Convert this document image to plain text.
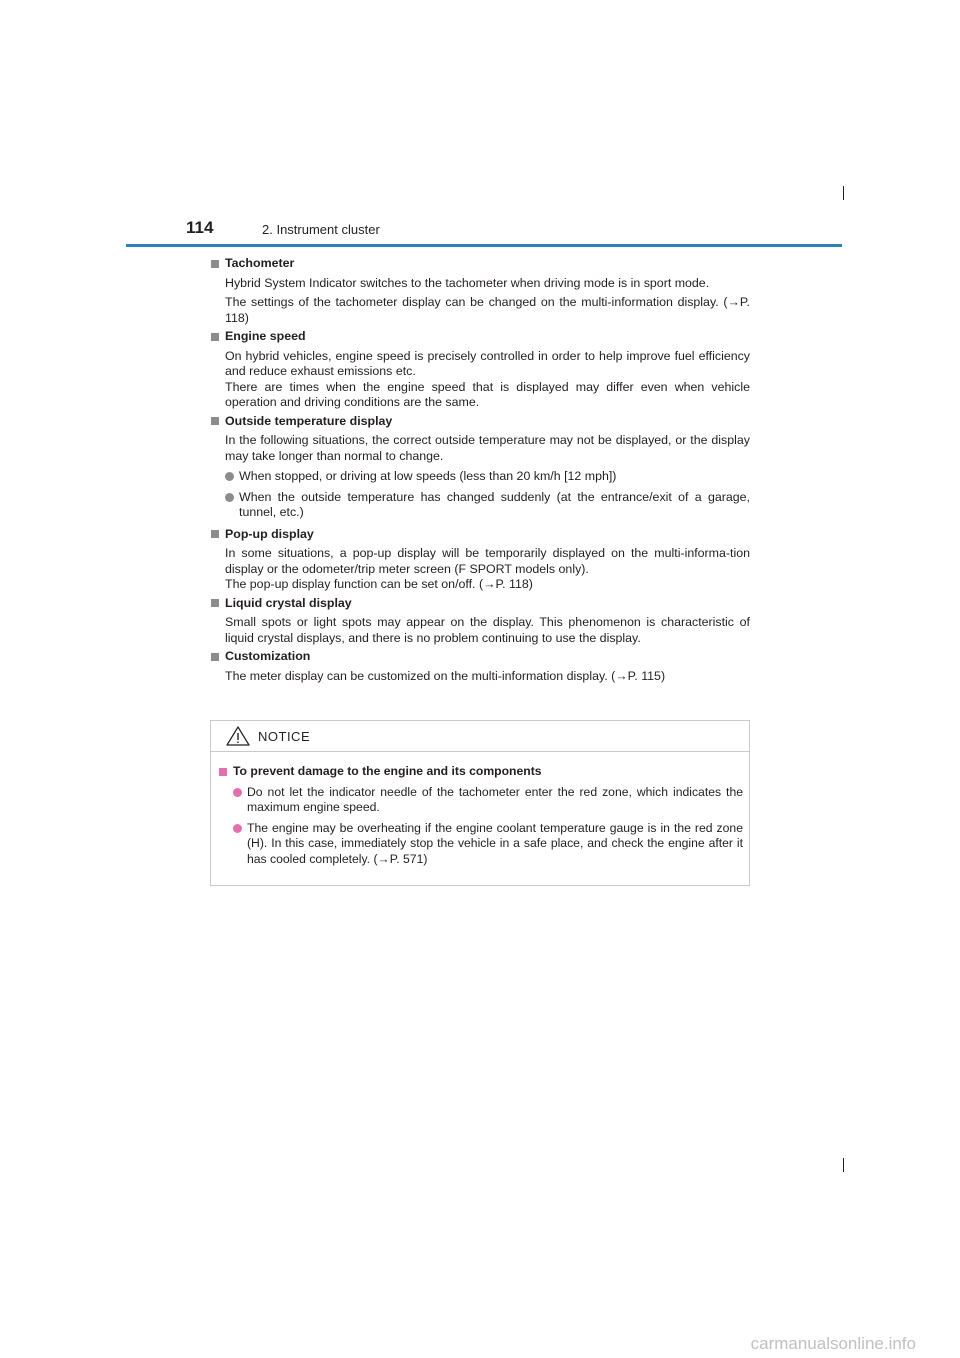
114	2. Instrument cluster
Tachometer
Hybrid System Indicator switches to the tachometer when driving mode is in sport mode.
The settings of the tachometer display can be changed on the multi-information display. (→P. 118)
Engine speed
On hybrid vehicles, engine speed is precisely controlled in order to help improve fuel efficiency and reduce exhaust emissions etc.
There are times when the engine speed that is displayed may differ even when vehicle operation and driving conditions are the same.
Outside temperature display
In the following situations, the correct outside temperature may not be displayed, or the display may take longer than normal to change.
When stopped, or driving at low speeds (less than 20 km/h [12 mph])
When the outside temperature has changed suddenly (at the entrance/exit of a garage, tunnel, etc.)
Pop-up display
In some situations, a pop-up display will be temporarily displayed on the multi-informa-tion display or the odometer/trip meter screen (F SPORT models only).
The pop-up display function can be set on/off. (→P. 118)
Liquid crystal display
Small spots or light spots may appear on the display. This phenomenon is characteristic of liquid crystal displays, and there is no problem continuing to use the display.
Customization
The meter display can be customized on the multi-information display. (→P. 115)
NOTICE
To prevent damage to the engine and its components
Do not let the indicator needle of the tachometer enter the red zone, which indicates the maximum engine speed.
The engine may be overheating if the engine coolant temperature gauge is in the red zone (H). In this case, immediately stop the vehicle in a safe place, and check the engine after it has cooled completely. (→P. 571)
carmanualsonline.info
